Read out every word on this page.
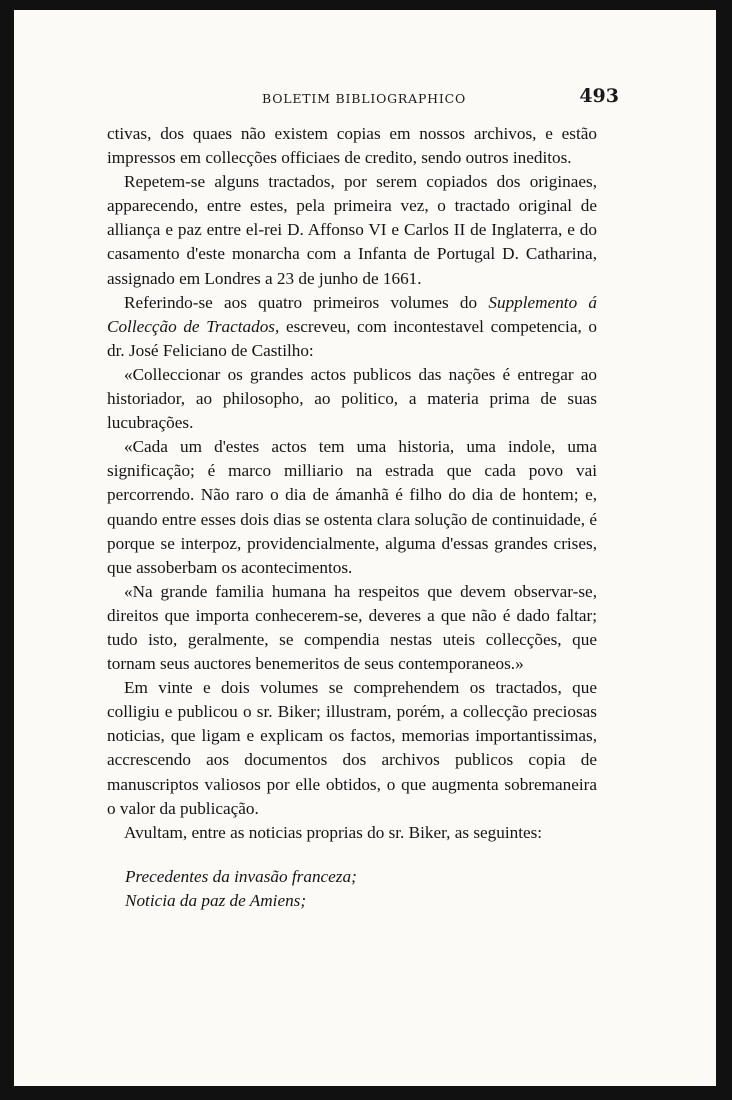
BOLETIM BIBLIOGRAPHICO	493

ctivas, dos quaes não existem copias em nossos archivos, e estão impressos em collecções officiaes de credito, sendo outros ineditos.

Repetem-se alguns tractados, por serem copiados dos originaes, apparecendo, entre estes, pela primeira vez, o tractado original de alliança e paz entre el-rei D. Affonso VI e Carlos II de Inglaterra, e do casamento d'este monarcha com a Infanta de Portugal D. Catharina, assignado em Londres a 23 de junho de 1661.

Referindo-se aos quatro primeiros volumes do Supplemento á Collecção de Tractados, escreveu, com incontestavel competencia, o dr. José Feliciano de Castilho:

«Colleccionar os grandes actos publicos das nações é entregar ao historiador, ao philosopho, ao politico, a materia prima de suas lucubrações.

«Cada um d'estes actos tem uma historia, uma indole, uma significação; é marco milliario na estrada que cada povo vai percorrendo. Não raro o dia de ámanhã é filho do dia de hontem; e, quando entre esses dois dias se ostenta clara solução de continuidade, é porque se interpoz, providencialmente, alguma d'essas grandes crises, que assoberbam os acontecimentos.

«Na grande familia humana ha respeitos que devem observar-se, direitos que importa conhecerem-se, deveres a que não é dado faltar; tudo isto, geralmente, se compendia nestas uteis collecções, que tornam seus auctores benemeritos de seus contemporaneos.»

Em vinte e dois volumes se comprehendem os tractados, que colligiu e publicou o sr. Biker; illustram, porém, a collecção preciosas noticias, que ligam e explicam os factos, memorias importantissimas, accrescendo aos documentos dos archivos publicos copia de manuscriptos valiosos por elle obtidos, o que augmenta sobremaneira o valor da publicação.

Avultam, entre as noticias proprias do sr. Biker, as seguintes:

Precedentes da invasão franceza;

Noticia da paz de Amiens;
